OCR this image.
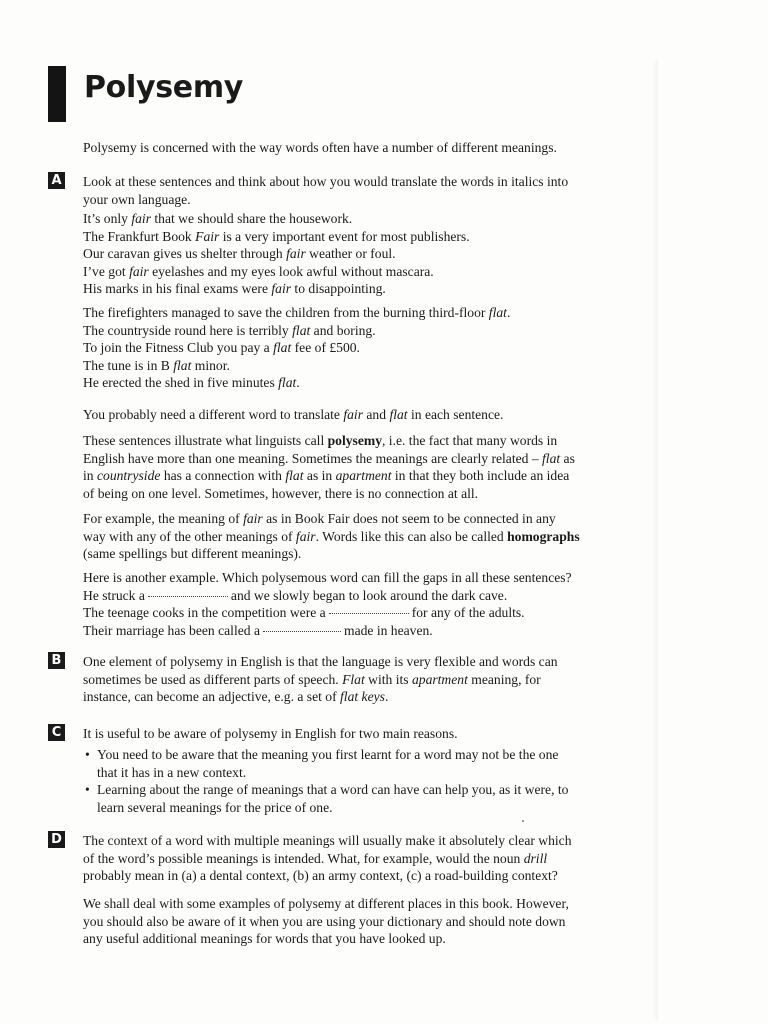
Polysemy
A
B
C
D

Polysemy is concerned with the way words often have a number of different meanings.

Look at these sentences and think about how you would translate the words in italics into
your own language.

It’s only fair that we should share the housework.
The Frankfurt Book Fair is a very important event for most publishers.
Our caravan gives us shelter through fair weather or foul.
I’ve got fair eyelashes and my eyes look awful without mascara.
His marks in his final exams were fair to disappointing.

The firefighters managed to save the children from the burning third-floor flat.
The countryside round here is terribly flat and boring.
To join the Fitness Club you pay a flat fee of £500.
The tune is in B flat minor.
He erected the shed in five minutes flat.

You probably need a different word to translate fair and flat in each sentence.

These sentences illustrate what linguists call polysemy, i.e. the fact that many words in
English have more than one meaning. Sometimes the meanings are clearly related – flat as
in countryside has a connection with flat as in apartment in that they both include an idea
of being on one level. Sometimes, however, there is no connection at all.

For example, the meaning of fair as in Book Fair does not seem to be connected in any
way with any of the other meanings of fair. Words like this can also be called homographs
(same spellings but different meanings).

Here is another example. Which polysemous word can fill the gaps in all these sentences?
He struck a	and we slowly began to look around the dark cave.
The teenage cooks in the competition were a	for any of the adults.
Their marriage has been called a	made in heaven.

One element of polysemy in English is that the language is very flexible and words can
sometimes be used as different parts of speech. Flat with its apartment meaning, for
instance, can become an adjective, e.g. a set of flat keys.

It is useful to be aware of polysemy in English for two main reasons.

• You need to be aware that the meaning you first learnt for a word may not be the one
that it has in a new context.
• Learning about the range of meanings that a word can have can help you, as it were, to
learn several meanings for the price of one.

The context of a word with multiple meanings will usually make it absolutely clear which
of the word’s possible meanings is intended. What, for example, would the noun drill
probably mean in (a) a dental context, (b) an army context, (c) a road-building context?

We shall deal with some examples of polysemy at different places in this book. However,
you should also be aware of it when you are using your dictionary and should note down
any useful additional meanings for words that you have looked up.
